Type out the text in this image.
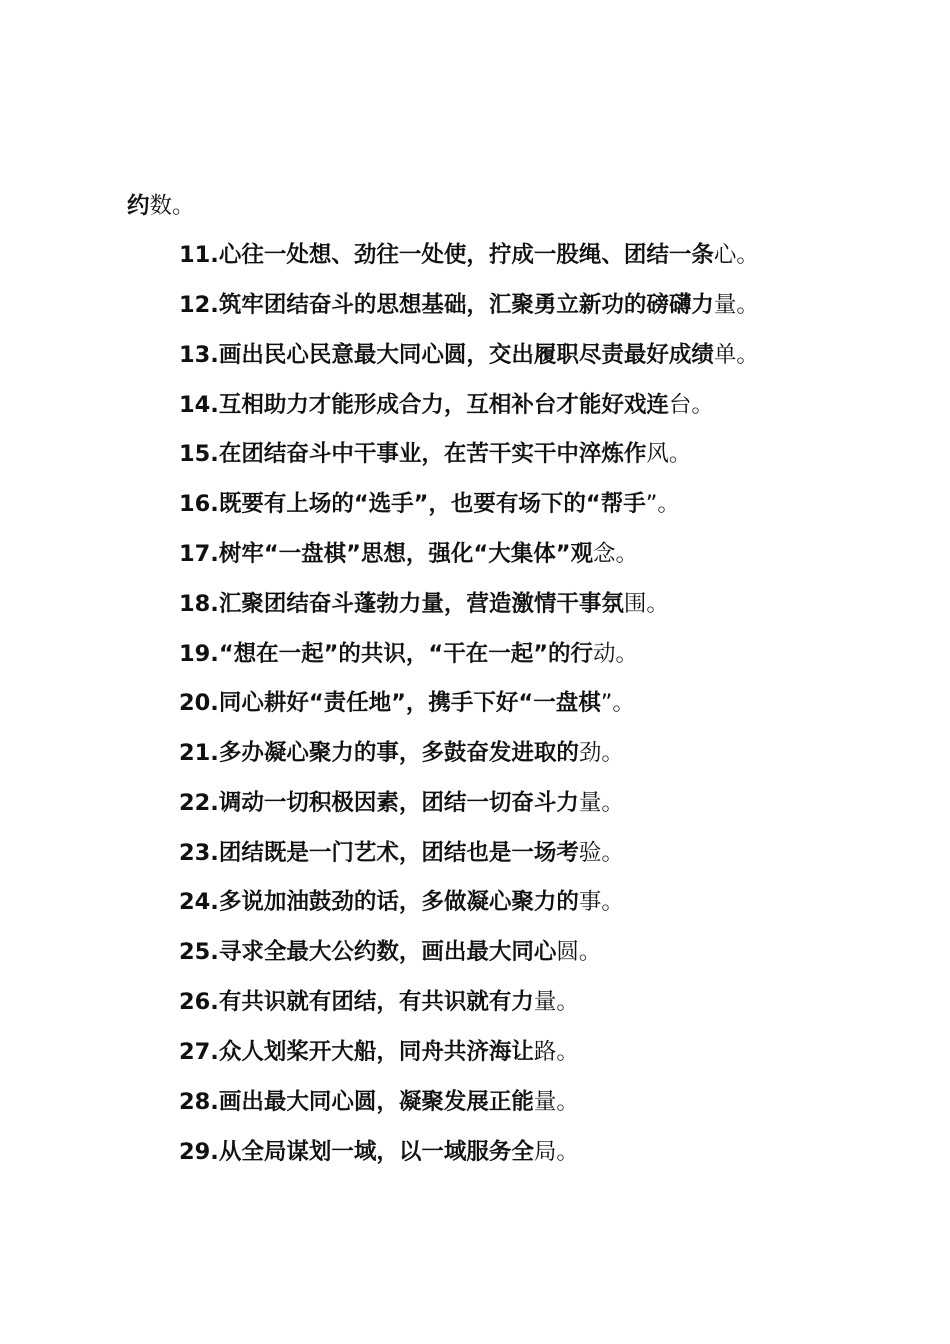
约数。
11.心往一处想、劲往一处使，拧成一股绳、团结一条心。
12.筑牢团结奋斗的思想基础，汇聚勇立新功的磅礴力量。
13.画出民心民意最大同心圆，交出履职尽责最好成绩单。
14.互相助力才能形成合力，互相补台才能好戏连台。
15.在团结奋斗中干事业，在苦干实干中淬炼作风。
16.既要有上场的“选手”，也要有场下的“帮手”。
17.树牢“一盘棋”思想，强化“大集体”观念。
18.汇聚团结奋斗蓬勃力量，营造激情干事氛围。
19.“想在一起”的共识，“干在一起”的行动。
20.同心耕好“责任地”，携手下好“一盘棋”。
21.多办凝心聚力的事，多鼓奋发进取的劲。
22.调动一切积极因素，团结一切奋斗力量。
23.团结既是一门艺术，团结也是一场考验。
24.多说加油鼓劲的话，多做凝心聚力的事。
25.寻求全最大公约数，画出最大同心圆。
26.有共识就有团结，有共识就有力量。
27.众人划桨开大船，同舟共济海让路。
28.画出最大同心圆，凝聚发展正能量。
29.从全局谋划一域，以一域服务全局。
